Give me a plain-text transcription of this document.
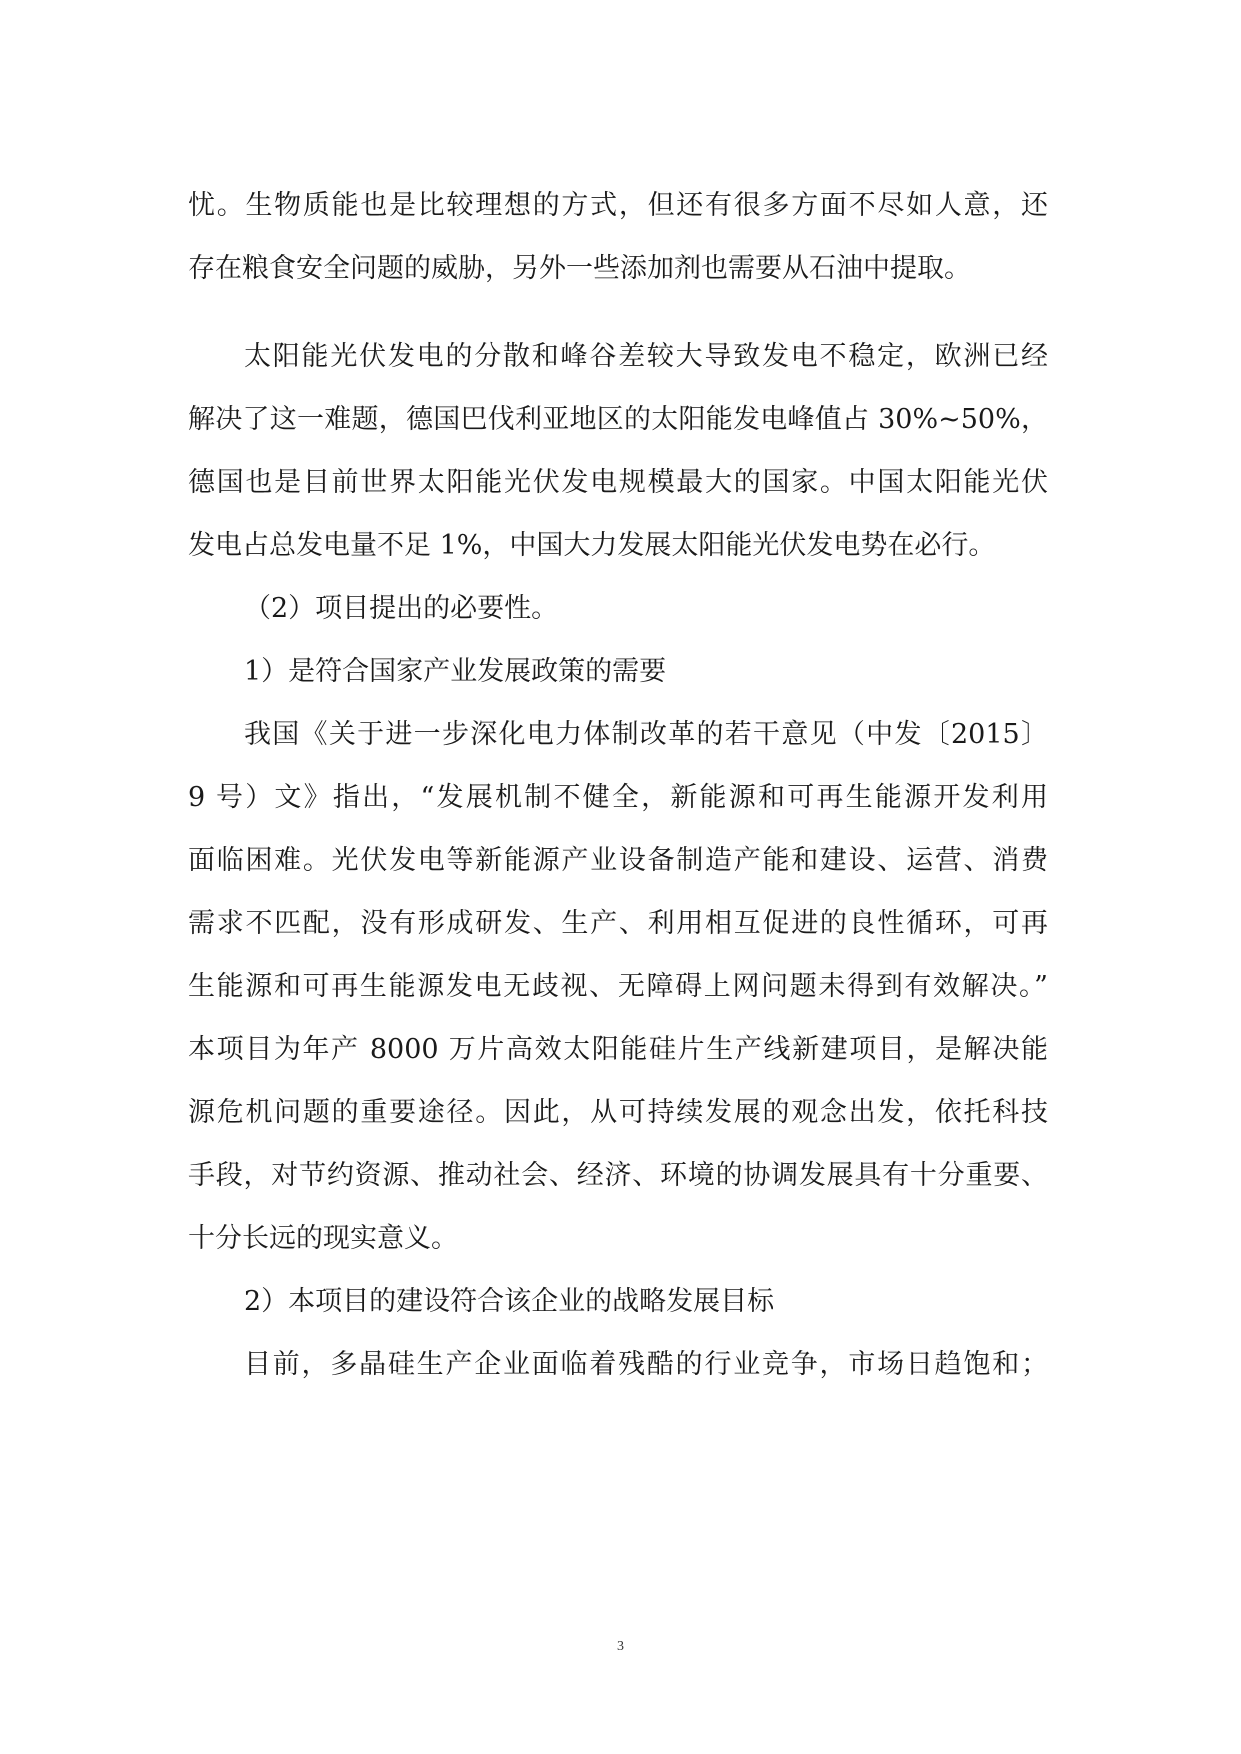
忧。生物质能也是比较理想的方式，但还有很多方面不尽如人意，还
存在粮食安全问题的威胁，另外一些添加剂也需要从石油中提取。
太阳能光伏发电的分散和峰谷差较大导致发电不稳定，欧洲已经
解决了这一难题，德国巴伐利亚地区的太阳能发电峰值占 30%~50%，
德国也是目前世界太阳能光伏发电规模最大的国家。中国太阳能光伏
发电占总发电量不足 1%，中国大力发展太阳能光伏发电势在必行。
（2）项目提出的必要性。
1）是符合国家产业发展政策的需要
我国《关于进一步深化电力体制改革的若干意见（中发〔2015〕
9 号）文》指出，“发展机制不健全，新能源和可再生能源开发利用
面临困难。光伏发电等新能源产业设备制造产能和建设、运营、消费
需求不匹配，没有形成研发、生产、利用相互促进的良性循环，可再
生能源和可再生能源发电无歧视、无障碍上网问题未得到有效解决。”
本项目为年产 8000 万片高效太阳能硅片生产线新建项目，是解决能
源危机问题的重要途径。因此，从可持续发展的观念出发，依托科技
手段，对节约资源、推动社会、经济、环境的协调发展具有十分重要、
十分长远的现实意义。
2）本项目的建设符合该企业的战略发展目标
目前，多晶硅生产企业面临着残酷的行业竞争，市场日趋饱和；
3
